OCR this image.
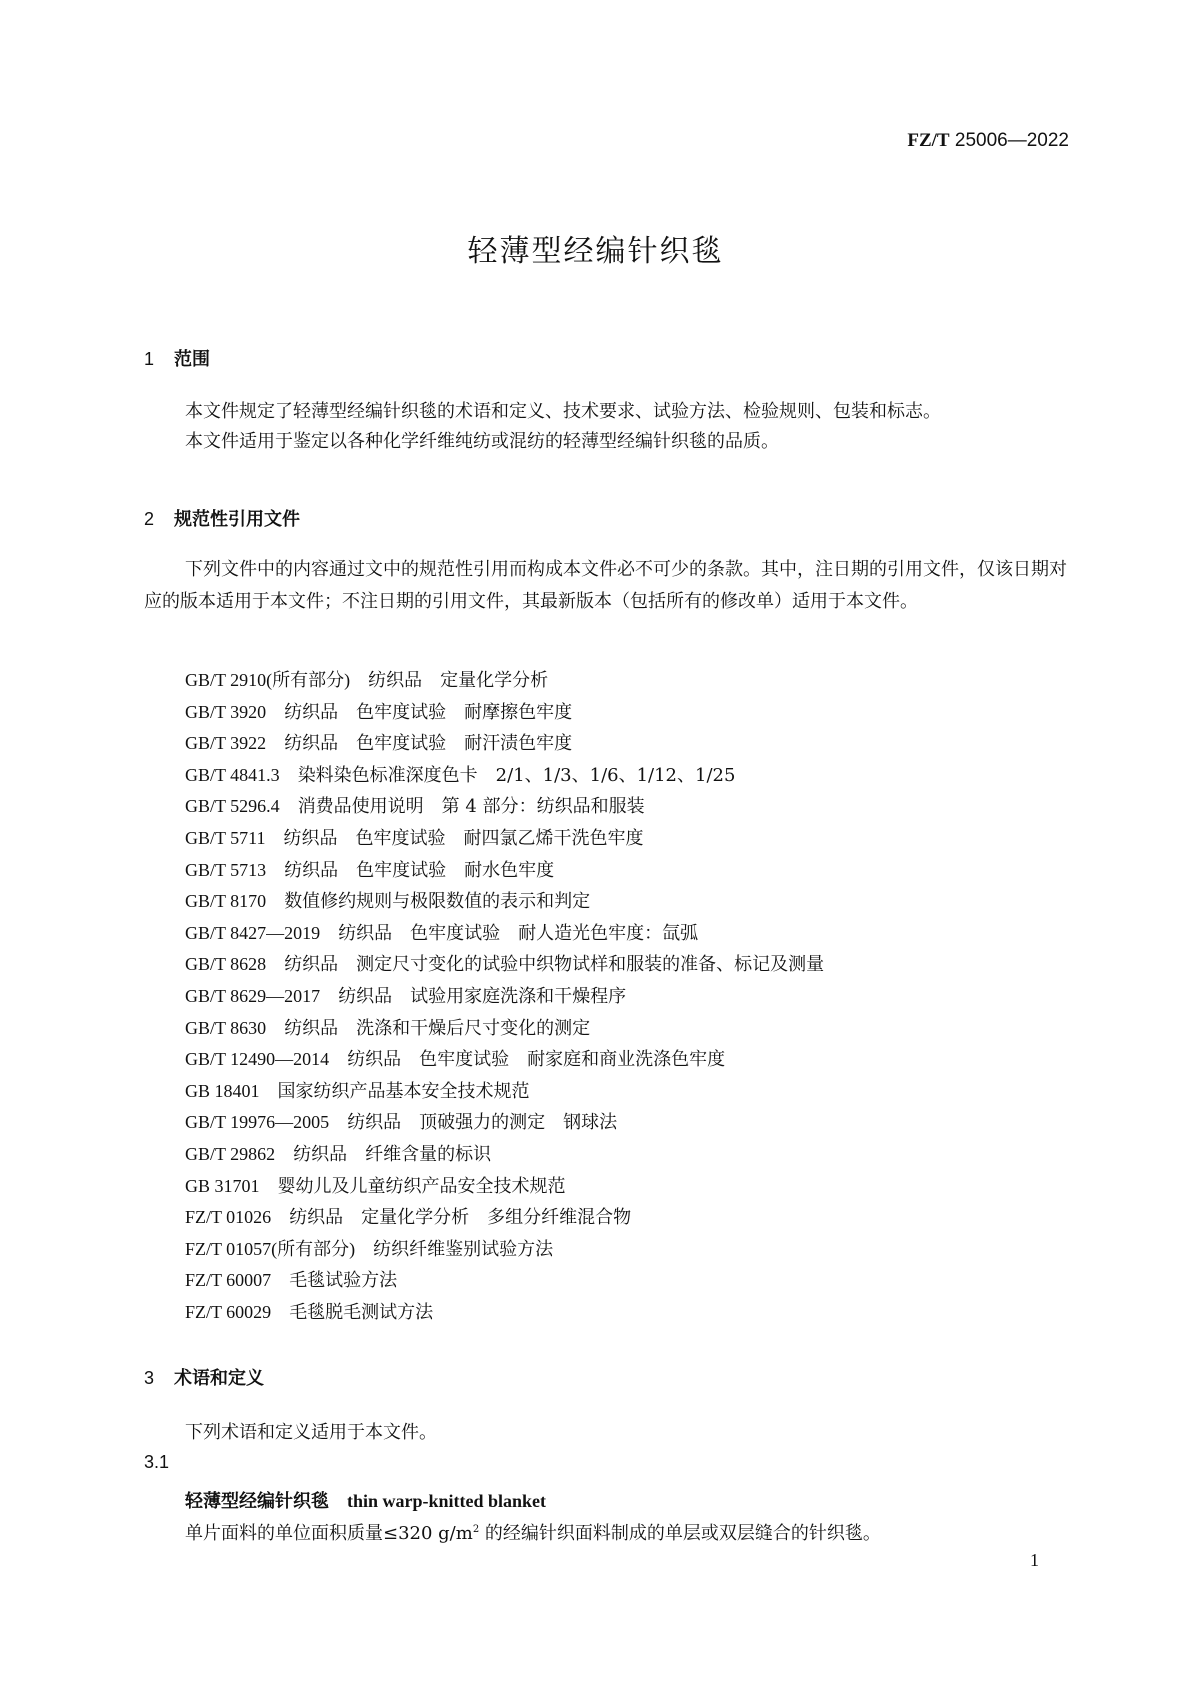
FZ/T 25006—2022
轻薄型经编针织毯
1 范围
本文件规定了轻薄型经编针织毯的术语和定义、技术要求、试验方法、检验规则、包装和标志。
本文件适用于鉴定以各种化学纤维纯纺或混纺的轻薄型经编针织毯的品质。
2 规范性引用文件
下列文件中的内容通过文中的规范性引用而构成本文件必不可少的条款。其中，注日期的引用文件，仅该日期对应的版本适用于本文件；不注日期的引用文件，其最新版本（包括所有的修改单）适用于本文件。
GB/T 2910(所有部分) 纺织品　定量化学分析
GB/T 3920 纺织品　色牢度试验　耐摩擦色牢度
GB/T 3922 纺织品　色牢度试验　耐汗渍色牢度
GB/T 4841.3 染料染色标准深度色卡　2/1、1/3、1/6、1/12、1/25
GB/T 5296.4 消费品使用说明　第 4 部分：纺织品和服装
GB/T 5711 纺织品　色牢度试验　耐四氯乙烯干洗色牢度
GB/T 5713 纺织品　色牢度试验　耐水色牢度
GB/T 8170 数值修约规则与极限数值的表示和判定
GB/T 8427—2019 纺织品　色牢度试验　耐人造光色牢度：氙弧
GB/T 8628 纺织品　测定尺寸变化的试验中织物试样和服装的准备、标记及测量
GB/T 8629—2017 纺织品　试验用家庭洗涤和干燥程序
GB/T 8630 纺织品　洗涤和干燥后尺寸变化的测定
GB/T 12490—2014 纺织品　色牢度试验　耐家庭和商业洗涤色牢度
GB 18401 国家纺织产品基本安全技术规范
GB/T 19976—2005 纺织品　顶破强力的测定　钢球法
GB/T 29862 纺织品　纤维含量的标识
GB 31701 婴幼儿及儿童纺织产品安全技术规范
FZ/T 01026 纺织品　定量化学分析　多组分纤维混合物
FZ/T 01057(所有部分) 纺织纤维鉴别试验方法
FZ/T 60007 毛毯试验方法
FZ/T 60029 毛毯脱毛测试方法
3 术语和定义
下列术语和定义适用于本文件。
3.1
轻薄型经编针织毯 thin warp-knitted blanket
单片面料的单位面积质量≤320 $g/m^2$ 的经编针织面料制成的单层或双层缝合的针织毯。
1
